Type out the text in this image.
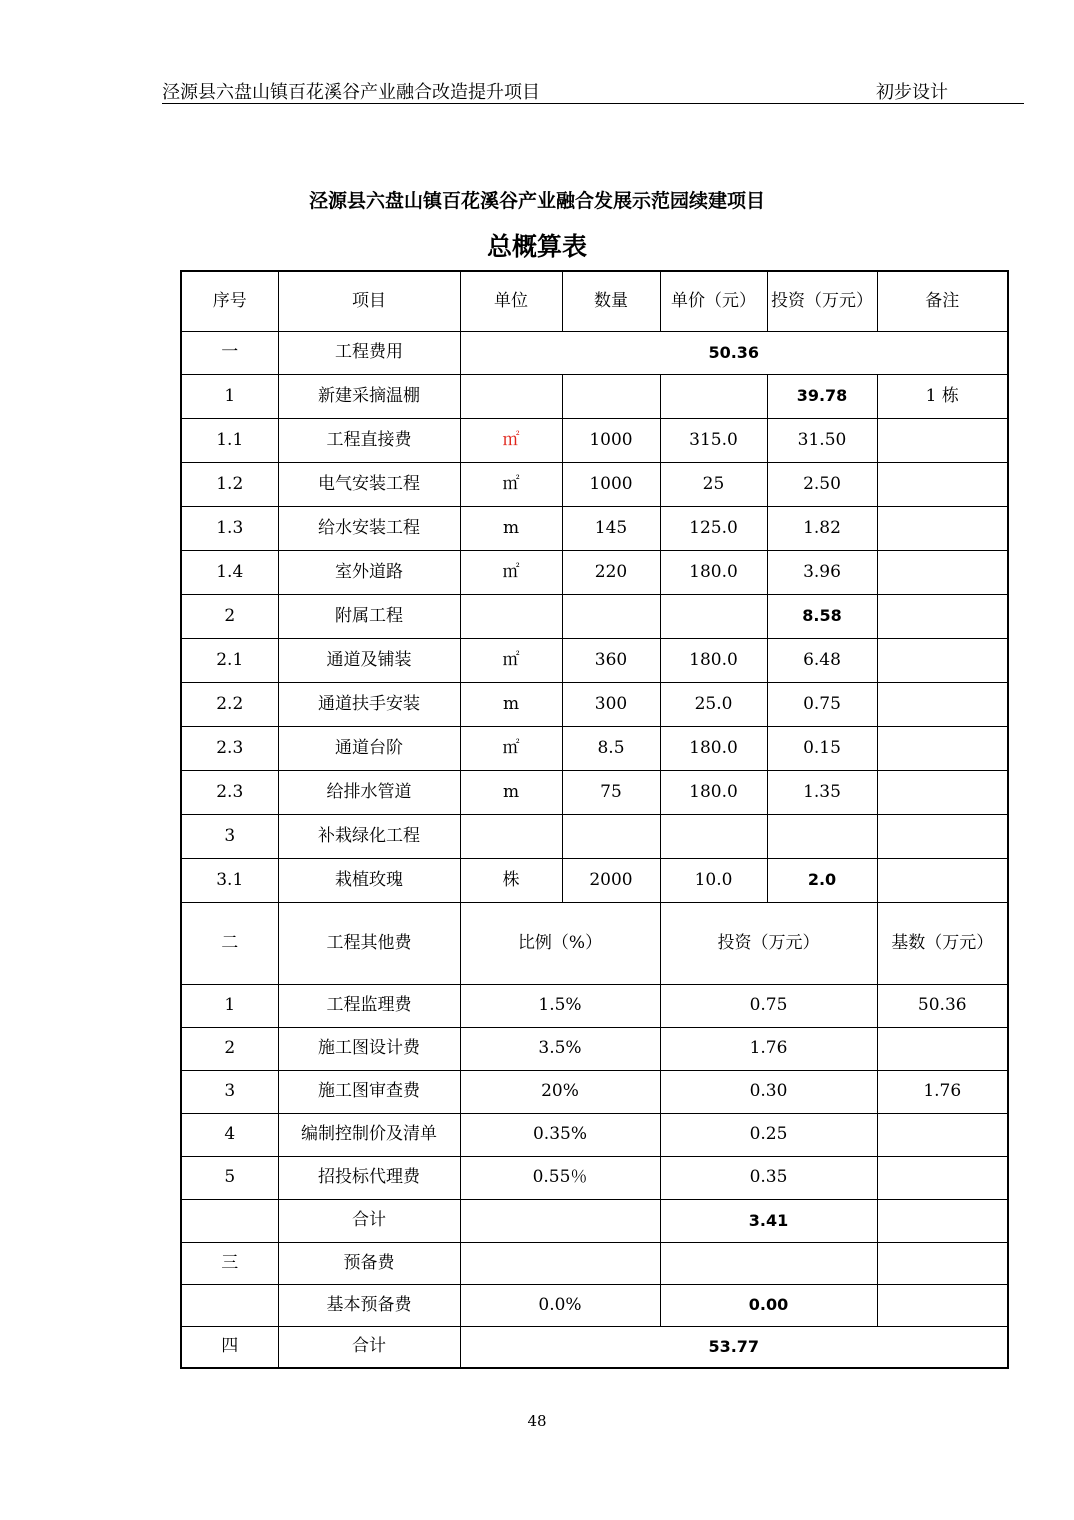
泾源县六盘山镇百花溪谷产业融合改造提升项目	初步设计
泾源县六盘山镇百花溪谷产业融合发展示范园续建项目
总概算表
序号	项目	单位	数量	单价（元）	投资（万元）	备注
一	工程费用	50.36				
1	新建采摘温棚				39.78	1 栋
1.1	工程直接费	㎡	1000	315.0	31.50	
1.2	电气安装工程	㎡	1000	25	2.50	
1.3	给水安装工程	m	145	125.0	1.82	
1.4	室外道路	㎡	220	180.0	3.96	
2	附属工程				8.58	
2.1	通道及铺装	㎡	360	180.0	6.48	
2.2	通道扶手安装	m	300	25.0	0.75	
2.3	通道台阶	㎡	8.5	180.0	0.15	
2.3	给排水管道	m	75	180.0	1.35	
3	补栽绿化工程					
3.1	栽植玫瑰	株	2000	10.0	2.0	
二	工程其他费	比例（%）		投资（万元）		基数（万元）
1	工程监理费	1.5%		0.75		50.36
2	施工图设计费	3.5%		1.76		
3	施工图审查费	20%		0.30		1.76
4	编制控制价及清单	0.35%		0.25		
5	招投标代理费	0.55％		0.35		
	合计			3.41		
三	预备费					
	基本预备费	0.0%		0.00		
四	合计	53.77				
48
